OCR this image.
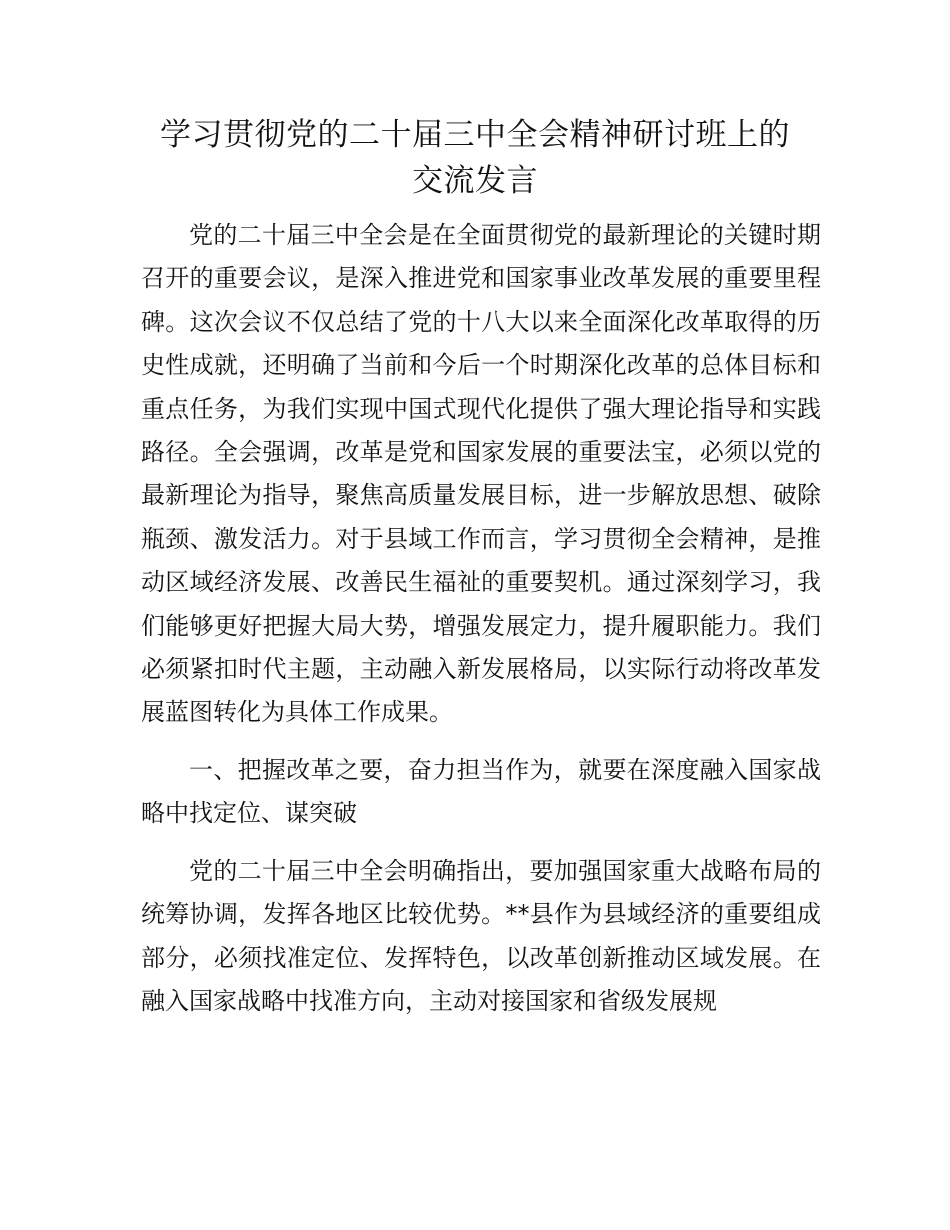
学习贯彻党的二十届三中全会精神研讨班上的
交流发言

党的二十届三中全会是在全面贯彻党的最新理论的关键时期召开的重要会议，是深入推进党和国家事业改革发展的重要里程碑。这次会议不仅总结了党的十八大以来全面深化改革取得的历史性成就，还明确了当前和今后一个时期深化改革的总体目标和重点任务，为我们实现中国式现代化提供了强大理论指导和实践路径。全会强调，改革是党和国家发展的重要法宝，必须以党的最新理论为指导，聚焦高质量发展目标，进一步解放思想、破除瓶颈、激发活力。对于县域工作而言，学习贯彻全会精神，是推动区域经济发展、改善民生福祉的重要契机。通过深刻学习，我们能够更好把握大局大势，增强发展定力，提升履职能力。我们必须紧扣时代主题，主动融入新发展格局，以实际行动将改革发展蓝图转化为具体工作成果。

一、把握改革之要，奋力担当作为，就要在深度融入国家战略中找定位、谋突破

党的二十届三中全会明确指出，要加强国家重大战略布局的统筹协调，发挥各地区比较优势。**县作为县域经济的重要组成部分，必须找准定位、发挥特色，以改革创新推动区域发展。在融入国家战略中找准方向，主动对接国家和省级发展规
